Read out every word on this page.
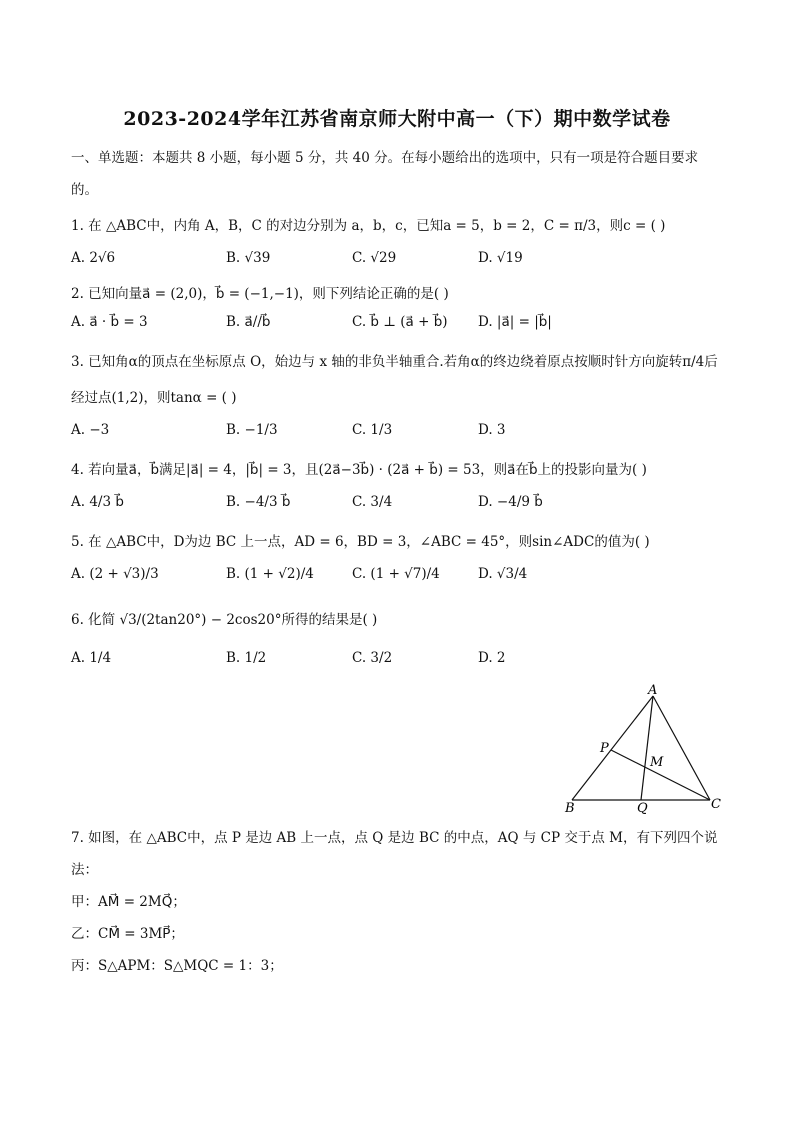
2023-2024学年江苏省南京师大附中高一（下）期中数学试卷
一、单选题：本题共 8 小题，每小题 5 分，共 40 分。在每小题给出的选项中，只有一项是符合题目要求
的。
1. 在 △ABC中，内角 A，B，C 的对边分别为 a，b，c，已知a = 5，b = 2，C = π/3，则c = ( )
A. 2√6	B. √39	C. √29	D. √19
2. 已知向量a⃗ = (2,0)，b⃗ = (−1,−1)，则下列结论正确的是( )
A. a⃗ · b⃗ = 3	B. a⃗//b⃗	C. b⃗ ⊥ (a⃗ + b⃗) D. |a⃗| = |b⃗|
3. 已知角α的顶点在坐标原点 O，始边与 x 轴的非负半轴重合.若角α的终边绕着原点按顺时针方向旋转π/4后
经过点(1,2)，则tanα = ( )
A. −3	B. −1/3	C. 1/3	D. 3
4. 若向量a⃗，b⃗满足|a⃗| = 4，|b⃗| = 3，且(2a⃗−3b⃗) · (2a⃗ + b⃗) = 53，则a⃗在b⃗上的投影向量为( )
A. 4/3 b⃗	B. −4/3 b⃗	C. 3/4	D. −4/9 b⃗
5. 在 △ABC中，D为边 BC 上一点，AD = 6，BD = 3，∠ABC = 45°，则sin∠ADC的值为( )
A. (2 + √3)/3	B. (1 + √2)/4	C. (1 + √7)/4	D. √3/4
6. 化简 √3/(2tan20°) − 2cos20°所得的结果是( )
A. 1/4	B. 1/2	C. 3/2	D. 2
A
B	C
P
Q
M
7. 如图，在 △ABC中，点 P 是边 AB 上一点，点 Q 是边 BC 的中点，AQ 与 CP 交于点 M，有下列四个说
法：
甲：AM⃗ = 2MQ⃗；
乙：CM⃗ = 3MP⃗；
丙：S△APM：S△MQC = 1：3；
